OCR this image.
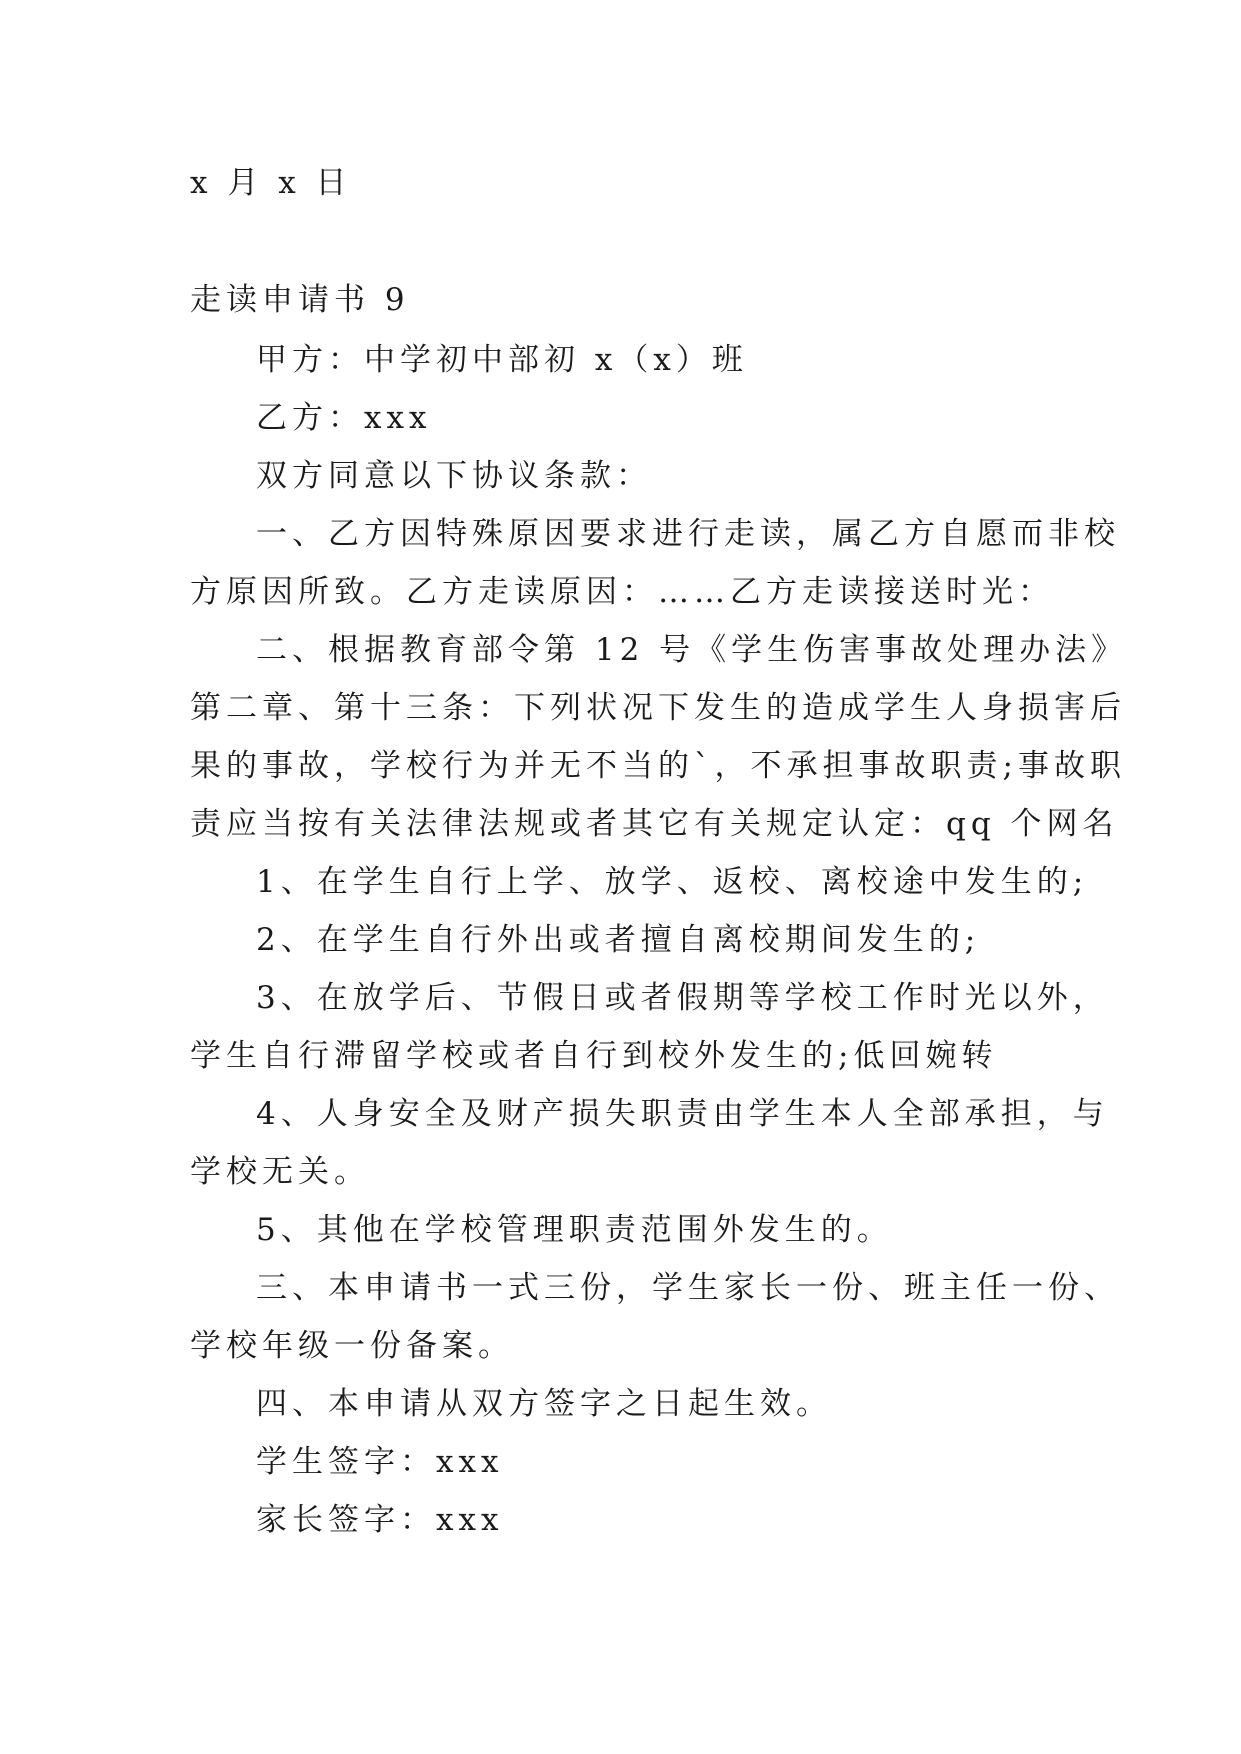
x 月 x 日
走读申请书 9
甲方：中学初中部初 x（x）班
乙方：xxx
双方同意以下协议条款：
一、乙方因特殊原因要求进行走读，属乙方自愿而非校
方原因所致。乙方走读原因：……乙方走读接送时光：
二、根据教育部令第 12 号《学生伤害事故处理办法》
第二章、第十三条：下列状况下发生的造成学生人身损害后
果的事故，学校行为并无不当的`，不承担事故职责;事故职
责应当按有关法律法规或者其它有关规定认定：qq 个网名
1、在学生自行上学、放学、返校、离校途中发生的;
2、在学生自行外出或者擅自离校期间发生的;
3、在放学后、节假日或者假期等学校工作时光以外，
学生自行滞留学校或者自行到校外发生的;低回婉转
4、人身安全及财产损失职责由学生本人全部承担，与
学校无关。
5、其他在学校管理职责范围外发生的。
三、本申请书一式三份，学生家长一份、班主任一份、
学校年级一份备案。
四、本申请从双方签字之日起生效。
学生签字：xxx
家长签字：xxx
